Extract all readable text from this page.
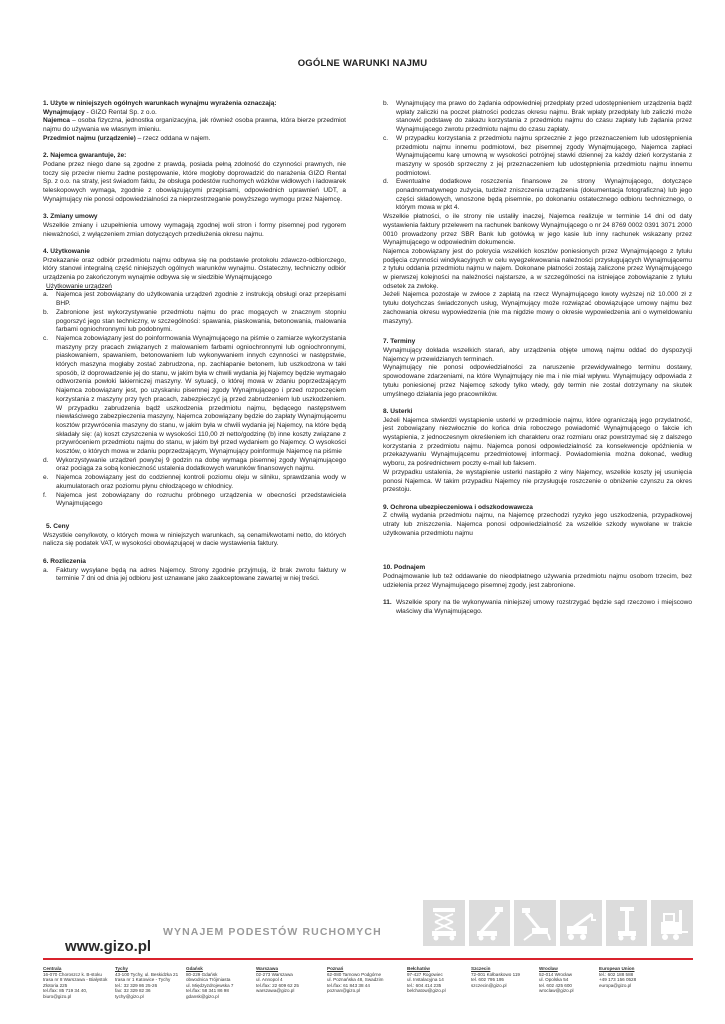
OGÓLNE WARUNKI NAJMU

1. Użyte w niniejszych ogólnych warunkach wynajmu wyrażenia oznaczają:

Wynajmujący - GIZO Rental Sp. z o.o.

Najemca – osoba fizyczna, jednostka organizacyjna, jak również osoba prawna, która bierze przedmiot najmu do używania we własnym imieniu.

Przedmiot najmu (urządzenie) – rzecz oddana w najem.

2. Najemca gwarantuje, że:

Podane przez niego dane są zgodne z prawdą, posiada pełną zdolność do czynności prawnych, nie toczy się przeciw niemu żadne postępowanie, które mogłoby doprowadzić do narażenia GIZO Rental Sp. z o.o. na straty, jest świadom faktu, że obsługa podestów ruchomych wózków widłowych i ładowarek teleskopowych wymaga, zgodnie z obowiązującymi przepisami, odpowiednich uprawnień UDT, a Wynajmujący nie ponosi odpowiedzialności za nieprzestrzeganie powyższego wymogu przez Najemcę.

3. Zmiany umowy

Wszelkie zmiany i uzupełnienia umowy wymagają zgodnej woli stron i formy pisemnej pod rygorem nieważności, z wyłączeniem zmian dotyczących przedłużenia okresu najmu.

4. Użytkowanie

Przekazanie oraz odbiór przedmiotu najmu odbywa się na podstawie protokołu zdawczo-odbiorczego, który stanowi integralną część niniejszych ogólnych warunków wynajmu. Ostateczny, techniczny odbiór urządzenia po zakończonym wynajmie odbywa się w siedzibie Wynajmującego

Użytkowanie urządzeń

a. Najemca jest zobowiązany do użytkowania urządzeń zgodnie z instrukcją obsługi oraz przepisami BHP.
b. Zabronione jest wykorzystywanie przedmiotu najmu do prac mogących w znacznym stopniu pogorszyć jego stan techniczny, w szczególności: spawania, piaskowania, betonowania, malowania farbami ogniochronnymi lub podobnymi.
c. Najemca zobowiązany jest do poinformowania Wynajmującego na piśmie o zamiarze wykorzystania maszyny przy pracach związanych z malowaniem farbami ogniochronnymi lub ogniochronnymi, piaskowaniem, spawaniem, betonowaniem lub wykonywaniem innych czynności w następstwie, których maszyna mogłaby zostać zabrudzona, np. zachlapanie betonem, lub uszkodzona w taki sposób, iż doprowadzenie jej do stanu, w jakim była w chwili wydania jej Najemcy będzie wymagało odtworzenia powłoki lakierniczej maszyny. W sytuacji, o której mowa w zdaniu poprzedzającym Najemca zobowiązany jest, po uzyskaniu pisemnej zgody Wynajmującego i przed rozpoczęciem korzystania z maszyny przy tych pracach, zabezpieczyć ją przed zabrudzeniem lub uszkodzeniem. W przypadku zabrudzenia bądź uszkodzenia przedmiotu najmu, będącego następstwem niewłaściwego zabezpieczenia maszyny, Najemca zobowiązany będzie do zapłaty Wynajmującemu kosztów przywrócenia maszyny do stanu, w jakim była w chwili wydania jej Najemcy, na które będą składały się: (a) koszt czyszczenia w wysokości 110,00 zł netto/godzinę (b) inne koszty związane z przywróceniem przedmiotu najmu do stanu, w jakim był przed wydaniem go Najemcy. O wysokości kosztów, o których mowa w zdaniu poprzedzającym, Wynajmujący poinformuje Najemcę na piśmie
d. Wykorzystywanie urządzeń powyżej 9 godzin na dobę wymaga pisemnej zgody Wynajmującego oraz pociąga za sobą konieczność ustalenia dodatkowych warunków finansowych najmu.
e. Najemca zobowiązany jest do codziennej kontroli poziomu oleju w silniku, sprawdzania wody w akumulatorach oraz poziomu płynu chłodzącego w chłodnicy.
f. Najemca jest zobowiązany do rozruchu próbnego urządzenia w obecności przedstawiciela Wynajmującego

5. Ceny

Wszystkie ceny/kwoty, o których mowa w niniejszych warunkach, są cenami/kwotami netto, do których nalicza się podatek VAT, w wysokości obowiązującej w dacie wystawienia faktury.

6. Rozliczenia

a. Faktury wysyłane będą na adres Najemcy. Strony zgodnie przyjmują, iż brak zwrotu faktury w terminie 7 dni od dnia jej odbioru jest uznawane jako zaakceptowane zawartej w niej treści.
b. Wynajmujący ma prawo do żądania odpowiedniej przedpłaty przed udostępnieniem urządzenia bądź wpłaty zaliczki na poczet płatności podczas okresu najmu. Brak wpłaty przedpłaty lub zaliczki może stanowić podstawę do zakazu korzystania z przedmiotu najmu do czasu zapłaty lub żądania przez Wynajmującego zwrotu przedmiotu najmu do czasu zapłaty.
c. W przypadku korzystania z przedmiotu najmu sprzecznie z jego przeznaczeniem lub udostępnienia przedmiotu najmu innemu podmiotowi, bez pisemnej zgody Wynajmującego, Najemca zapłaci Wynajmującemu karę umowną w wysokości potrójnej stawki dziennej za każdy dzień korzystania z maszyny w sposób sprzeczny z jej przeznaczeniem lub udostępnienia przedmiotu najmu innemu podmiotowi.
d. Ewentualne dodatkowe roszczenia finansowe ze strony Wynajmującego, dotyczące ponadnormatywnego zużycia, tudzież zniszczenia urządzenia (dokumentacja fotograficzna) lub jego części składowych, wnoszone będą pisemnie, po dokonaniu ostatecznego odbioru technicznego, o którym mowa w pkt 4.

Wszelkie płatności, o ile strony nie ustaliły inaczej, Najemca realizuje w terminie 14 dni od daty wystawienia faktury przelewem na rachunek bankowy Wynajmującego o nr 24 8769 0002 0391 3071 2000 0010 prowadzony przez SBR Bank lub gotówką w jego kasie lub inny rachunek wskazany przez Wynajmującego w odpowiednim dokumencie.

Najemca zobowiązany jest do pokrycia wszelkich kosztów poniesionych przez Wynajmującego z tytułu podjęcia czynności windykacyjnych w celu wyegzekwowania należności przysługujących Wynajmującemu z tytułu oddania przedmiotu najmu w najem. Dokonane płatności zostają zaliczone przez Wynajmującego w pierwszej kolejności na należności najstarsze, a w szczególności na istniejące zobowiązanie z tytułu odsetek za zwłokę.

Jeżeli Najemca pozostaje w zwłoce z zapłatą na rzecz Wynajmującego kwoty wyższej niż 10.000 zł z tytułu dotychczas świadczonych usług, Wynajmujący może rozwiązać obowiązujące umowy najmu bez zachowania okresu wypowiedzenia (nie ma nigdzie mowy o okresie wypowiedzenia ani o wymeldowaniu maszyny).

7. Terminy

Wynajmujący dokłada wszelkich starań, aby urządzenia objęte umową najmu oddać do dyspozycji Najemcy w przewidzianych terminach.

Wynajmujący nie ponosi odpowiedzialności za naruszenie przewidywalnego terminu dostawy, spowodowane zdarzeniami, na które Wynajmujący nie ma i nie miał wpływu. Wynajmujący odpowiada z tytułu poniesionej przez Najemcę szkody tylko wtedy, gdy termin nie został dotrzymany na skutek umyślnego działania jego pracowników.

8. Usterki

Jeżeli Najemca stwierdzi wystąpienie usterki w przedmiocie najmu, które ograniczają jego przydatność, jest zobowiązany niezwłocznie do końca dnia roboczego powiadomić Wynajmującego o fakcie ich wystąpienia, z jednoczesnym określeniem ich charakteru oraz rozmiaru oraz powstrzymać się z dalszego korzystania z przedmiotu najmu. Najemca ponosi odpowiedzialność za konsekwencje opóźnienia w przekazywaniu Wynajmującemu przedmiotowej informacji. Powiadomienia można dokonać, według wyboru, za pośrednictwem poczty e-mail lub faksem.

W przypadku ustalenia, że wystąpienie usterki nastąpiło z winy Najemcy, wszelkie koszty jej usunięcia ponosi Najemca. W takim przypadku Najemcy nie przysługuje roszczenie o obniżenie czynszu za okres przestoju.

9. Ochrona ubezpieczeniowa i odszkodowawcza

Z chwilą wydania przedmiotu najmu, na Najemcę przechodzi ryzyko jego uszkodzenia, przypadkowej utraty lub zniszczenia. Najemca ponosi odpowiedzialność za wszelkie szkody wywołane w trakcie użytkowania przedmiotu najmu

10. Podnajem

Podnajmowanie lub też oddawanie do nieodpłatnego używania przedmiotu najmu osobom trzecim, bez udzielenia przez Wynajmującego pisemnej zgody, jest zabronione.

11. Wszelkie spory na tle wykonywania niniejszej umowy rozstrzygać będzie sąd rzeczowo i miejscowo właściwy dla Wynajmującego.

WYNAJEM PODESTÓW RUCHOMYCH
www.gizo.pl
Centrala
16-070 Choroszcz k. B-stoku
trasa nr 8 Warszawa - Białystok
Złotoria 225
tel./fax: 85 719 34 40,
biuro@gizo.pl
Tychy
43-100 Tychy, ul. Beskidzka 21
trasa nr 1 Katowice - Tychy
tel.: 32 329 86 25-26
fax: 32 329 82 36
tychy@gizo.pl
Gdańsk
80-229 Gdańsk
obwodnica Trójmiasta
ul. Międzyzdrojewska 7
tel./fax: 58 341 86 98
gdansk@gizo.pl
Warszawa
02-273 Warszawa
ul. Annopol 4
tel./fax: 22 609 62 25
warszawa@gizo.pl
Poznań
62-080 Tarnowo Podgórne
ul. Poznańska 48, Swadzim
tel./fax: 61 843 38 44
poznan@gizo.pl
Bełchatów
97-427 Rogowiec
ul. Instalacyjna 14
tel.: 604 414 235
belchatow@gizo.pl
Szczecin
72-001 Kołbaskowo 119
tel. 602 795 195
szczecin@gizo.pl
Wrocław
52-014 Wrocław
ul. Opolska 54
tel. 602 425 600
wroclaw@gizo.pl
European Union
tel.: 602 188 588
+49 173 156 0528
europa@gizo.pl
